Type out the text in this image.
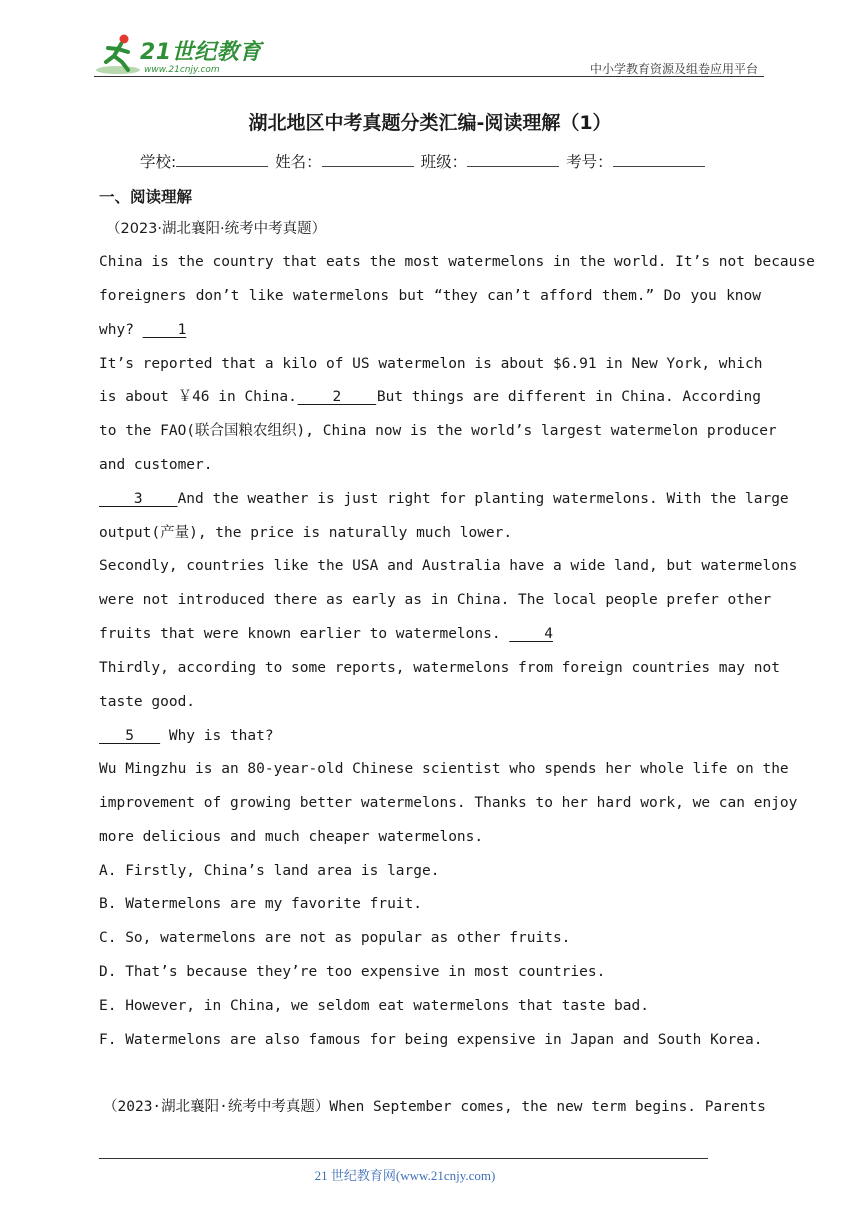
21世纪教育
www.21cnjy.com	中小学教育资源及组卷应用平台
湖北地区中考真题分类汇编-阅读理解（1）
学校:	姓名：	班级：	考号：
一、阅读理解
（2023·湖北襄阳·统考中考真题）
China is the country that eats the most watermelons in the world. It’s not because
foreigners don’t like watermelons but “they can’t afford them.” Do you know
why?     1
It’s reported that a kilo of US watermelon is about $6.91 in New York, which
is about ￥46 in China. 2 But things are different in China. According
to the FAO(联合国粮农组织), China now is the world’s largest watermelon producer
and customer.
3 And the weather is just right for planting watermelons. With the large
output(产量), the price is naturally much lower.
Secondly, countries like the USA and Australia have a wide land, but watermelons
were not introduced there as early as in China. The local people prefer other
fruits that were known earlier to watermelons.     4
Thirdly, according to some reports, watermelons from foreign countries may not
taste good.
5    Why is that?
Wu Mingzhu is an 80-year-old Chinese scientist who spends her whole life on the
improvement of growing better watermelons. Thanks to her hard work, we can enjoy
more delicious and much cheaper watermelons.
A. Firstly, China’s land area is large.
B. Watermelons are my favorite fruit.
C. So, watermelons are not as popular as other fruits.
D. That’s because they’re too expensive in most countries.
E. However, in China, we seldom eat watermelons that taste bad.
F. Watermelons are also famous for being expensive in Japan and South Korea.
（2023·湖北襄阳·统考中考真题）When September comes, the new term begins. Parents
21 世纪教育网(www.21cnjy.com)
